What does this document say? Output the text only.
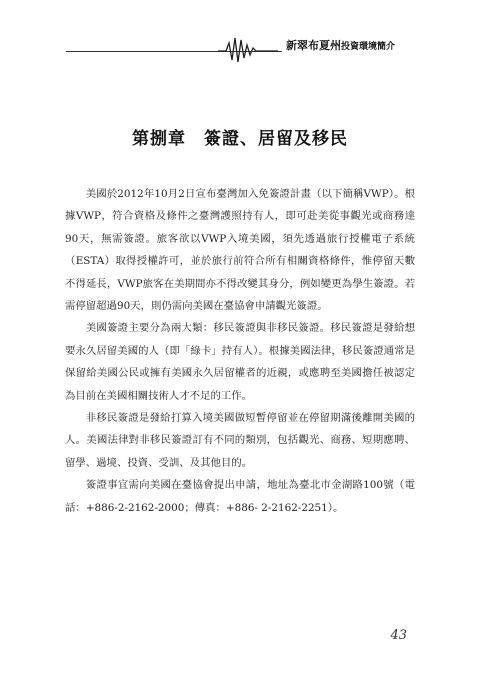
新翠布夏州投資環境簡介
第捌章　簽證、居留及移民

美國於2012年10月2日宣布臺灣加入免簽證計畫（以下簡稱VWP）。根據VWP，符合資格及條件之臺灣護照持有人，即可赴美從事觀光或商務達90天，無需簽證。旅客欲以VWP入境美國，須先透過旅行授權電子系統（ESTA）取得授權許可，並於旅行前符合所有相關資格條件，惟停留天數不得延長，VWP旅客在美期間亦不得改變其身分，例如變更為學生簽證。若需停留超過90天，則仍需向美國在臺協會申請觀光簽證。

美國簽證主要分為兩大類：移民簽證與非移民簽證。移民簽證是發給想要永久居留美國的人（即「綠卡」持有人）。根據美國法律，移民簽證通常是保留給美國公民或擁有美國永久居留權者的近親，或應聘至美國擔任被認定為目前在美國相關技術人才不足的工作。

非移民簽證是發給打算入境美國做短暫停留並在停留期滿後離開美國的人。美國法律對非移民簽證訂有不同的類別，包括觀光、商務、短期應聘、留學、過境、投資、受訓、及其他目的。

簽證事宜需向美國在臺協會提出申請，地址為臺北市金湖路100號（電話：+886-2-2162-2000；傳真：+886- 2-2162-2251）。

43
